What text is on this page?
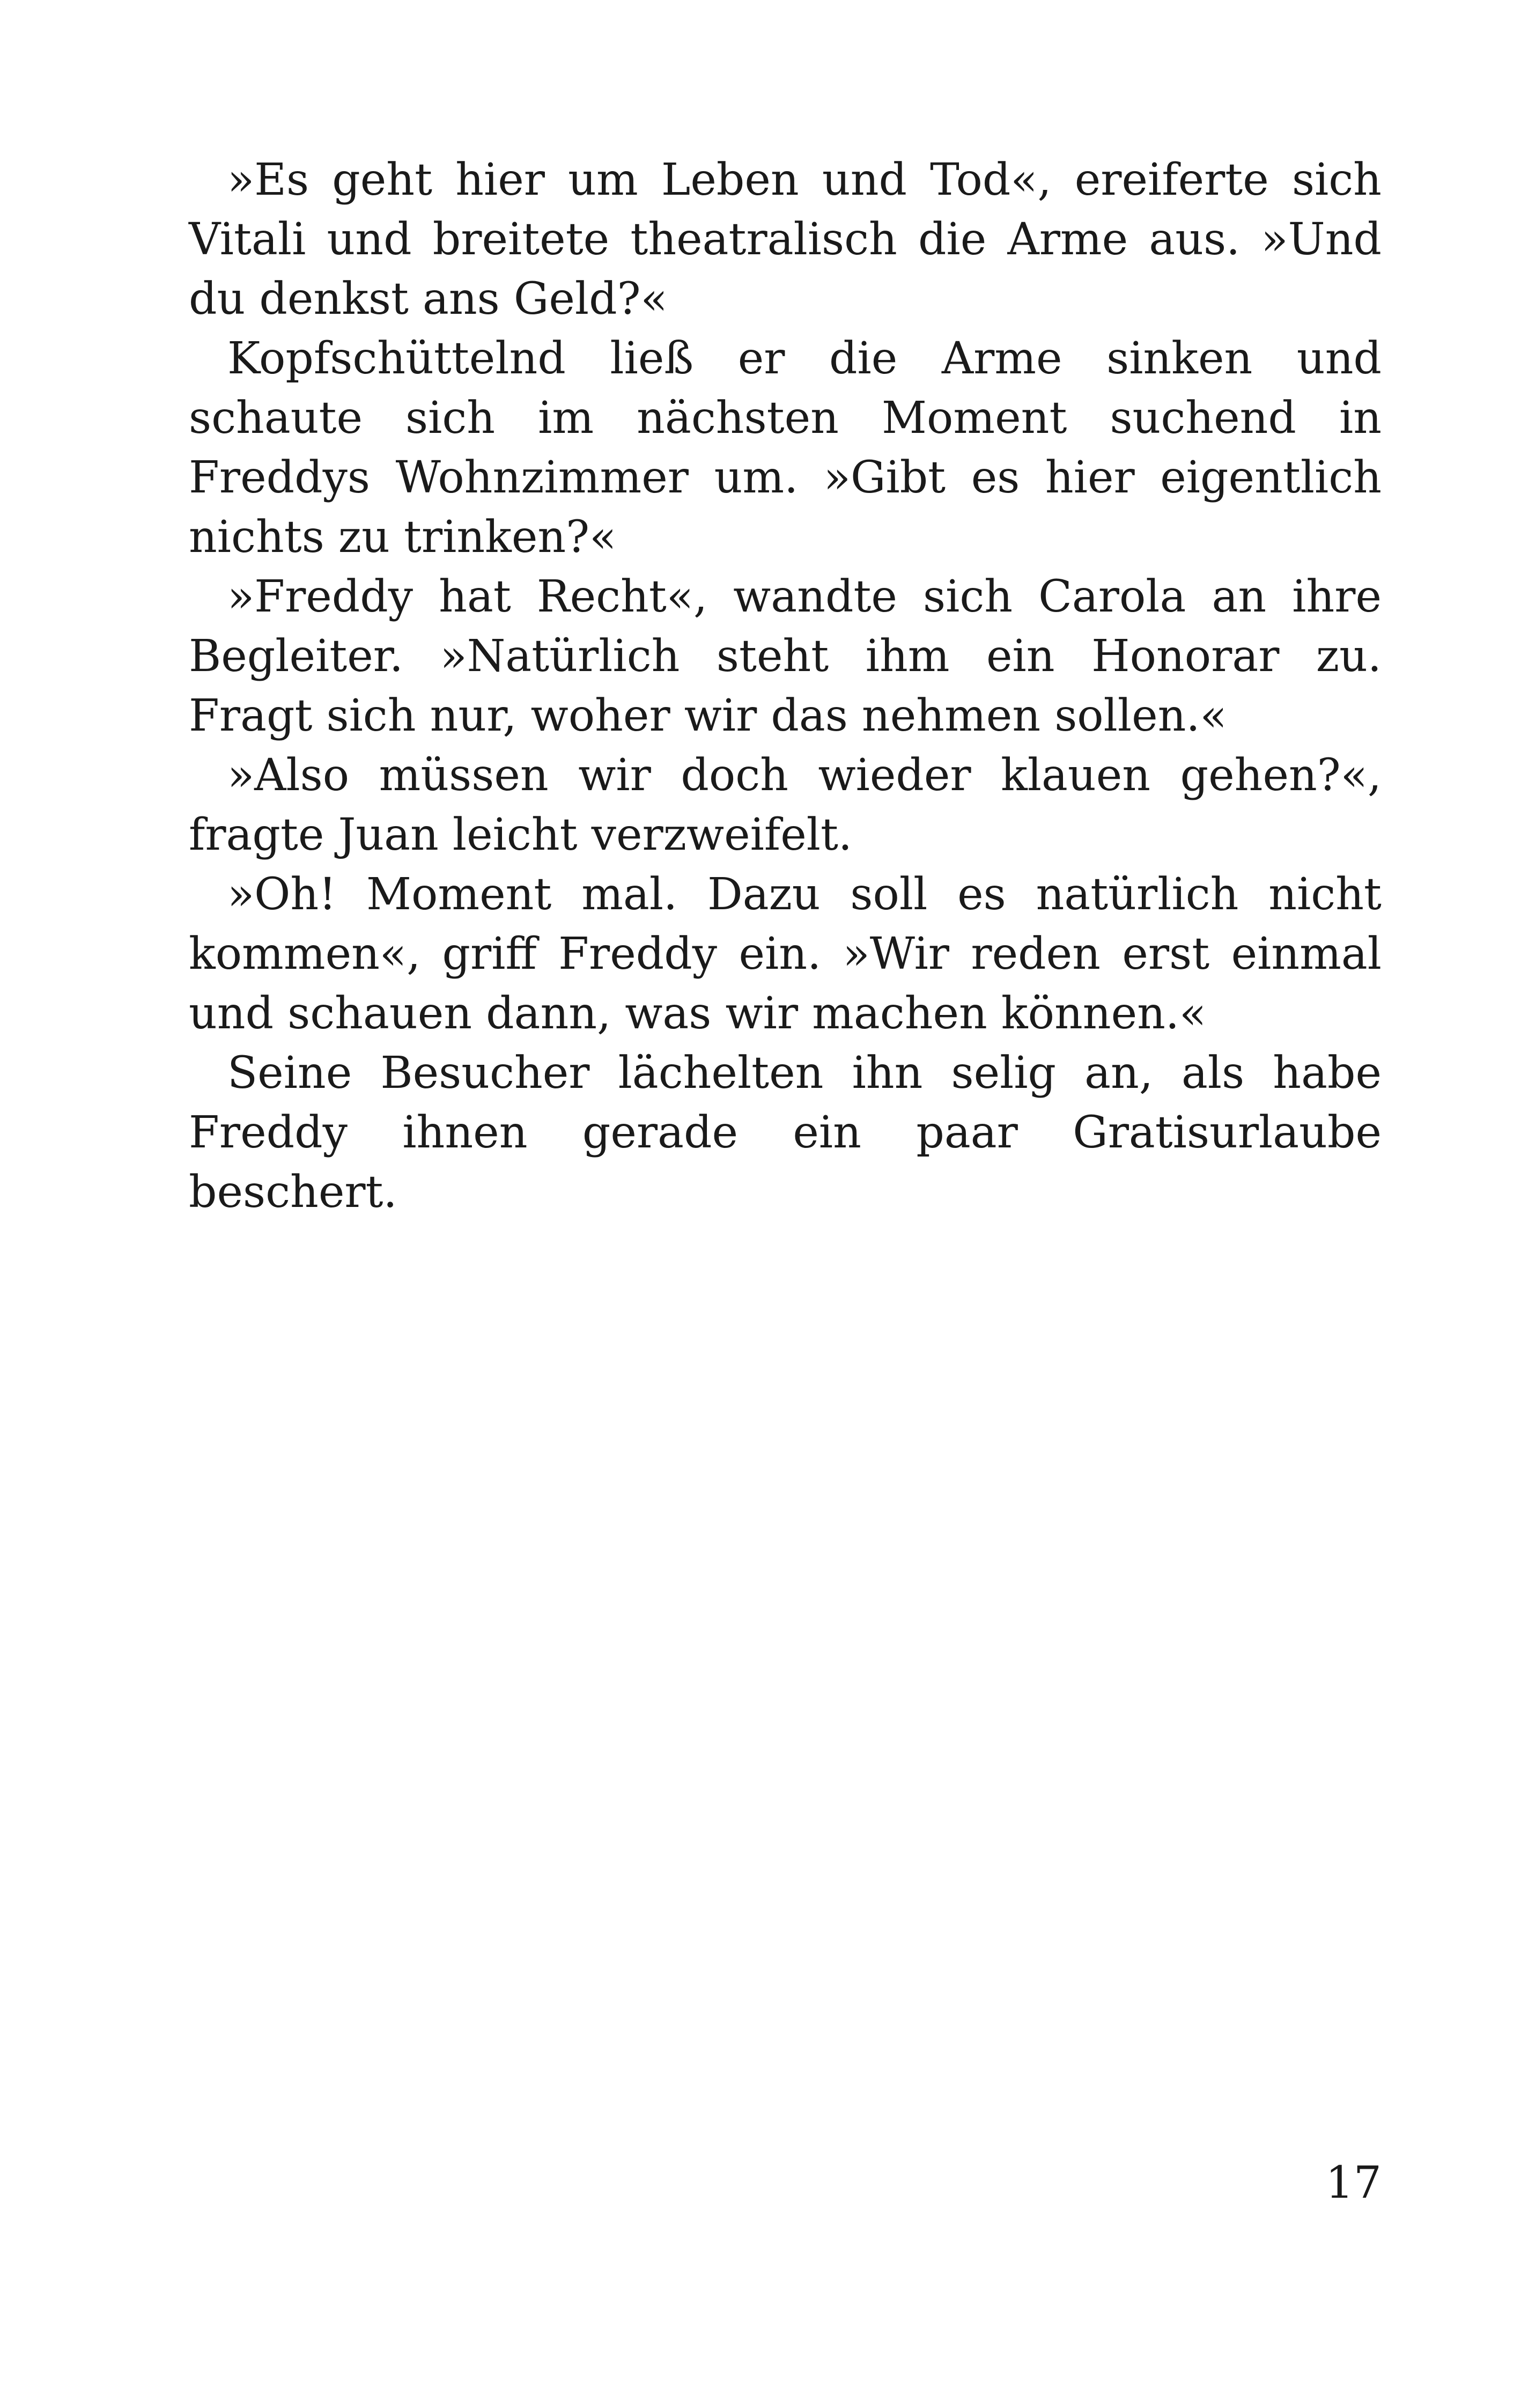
»Es geht hier um Leben und Tod«, ereiferte sich Vitali und breitete theatralisch die Arme aus. »Und du denkst ans Geld?«

Kopfschüttelnd ließ er die Arme sinken und schaute sich im nächsten Moment suchend in Freddys Wohnzimmer um. »Gibt es hier eigentlich nichts zu trinken?«

»Freddy hat Recht«, wandte sich Carola an ihre Begleiter. »Natürlich steht ihm ein Honorar zu. Fragt sich nur, woher wir das nehmen sollen.«

»Also müssen wir doch wieder klauen gehen?«, fragte Juan leicht verzweifelt.

»Oh! Moment mal. Dazu soll es natürlich nicht kommen«, griff Freddy ein. »Wir reden erst einmal und schauen dann, was wir machen können.«

Seine Besucher lächelten ihn selig an, als habe Freddy ihnen gerade ein paar Gratisurlaube beschert.

17
